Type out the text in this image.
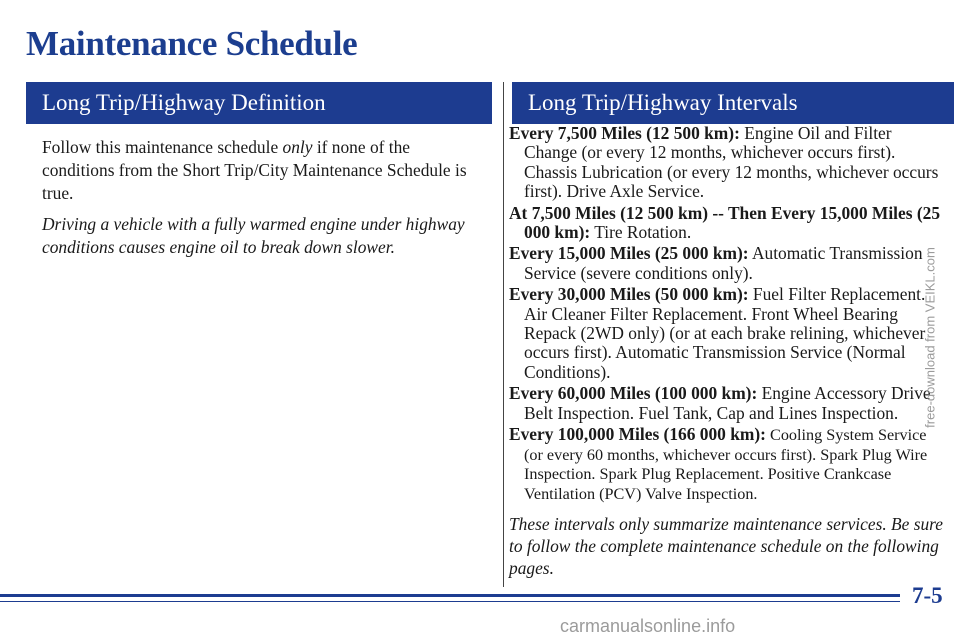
Maintenance Schedule
Long Trip/Highway Definition	Long Trip/Highway Intervals

Follow this maintenance schedule only if none of the conditions from the Short Trip/City Maintenance Schedule is true.

Driving a vehicle with a fully warmed engine under highway conditions causes engine oil to break down slower.

Every 7,500 Miles (12 500 km): Engine Oil and Filter Change (or every 12 months, whichever occurs first). Chassis Lubrication (or every 12 months, whichever occurs first). Drive Axle Service.
At 7,500 Miles (12 500 km) -- Then Every 15,000 Miles (25 000 km): Tire Rotation.
Every 15,000 Miles (25 000 km): Automatic Transmission Service (severe conditions only).
Every 30,000 Miles (50 000 km): Fuel Filter Replacement. Air Cleaner Filter Replacement. Front Wheel Bearing Repack (2WD only) (or at each brake relining, whichever occurs first). Automatic Transmission Service (Normal Conditions).
Every 60,000 Miles (100 000 km): Engine Accessory Drive Belt Inspection. Fuel Tank, Cap and Lines Inspection.
Every 100,000 Miles (166 000 km): Cooling System Service (or every 60 months, whichever occurs first). Spark Plug Wire Inspection. Spark Plug Replacement. Positive Crankcase Ventilation (PCV) Valve Inspection.
These intervals only summarize maintenance services. Be sure to follow the complete maintenance schedule on the following pages.
7-5
free-download from VEIKL.com
carmanualsonline.info
